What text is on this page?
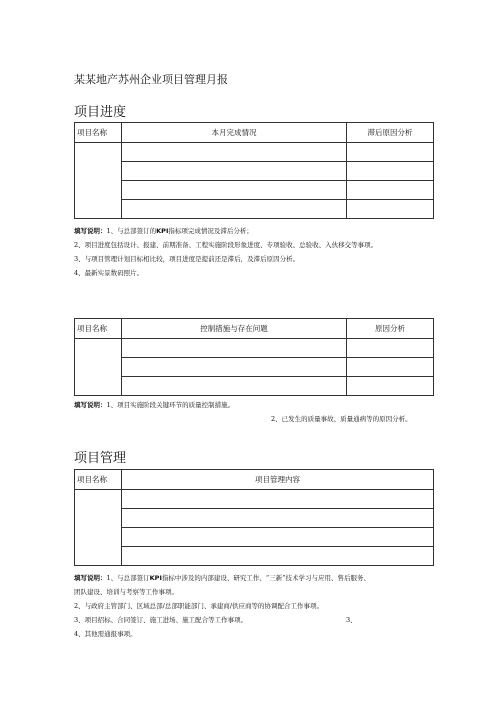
某某地产苏州企业项目管理月报
项目进度
项目名称	本月完成情况	滞后原因分析

填写说明：1、与总部签订的KPI指标项完成情况及滞后分析；
2、项目进度包括设计、报建、前期准备、工程实施阶段形象进度、专项验收、总验收、入伙移交等事项。
3、与项目管理计划目标相比较，项目进度是提前还是滞后，及滞后原因分析。
4、最新实景数码照片。
项目名称	控制措施与存在问题	原因分析

填写说明：1、项目实施阶段关键环节的质量控制措施。
2、已发生的质量事故、质量通病等的原因分析。
项目管理
项目名称	项目管理内容

填写说明：1、与总部签订KPI指标中涉及的内部建设、研究工作、“三新”技术学习与应用、售后服务、
团队建设、培训与考察等工作事项。
2、与政府主管部门、区域总部/总部职能部门、承建商/供应商等的协调配合工作事项。
3、项目招标、合同签订、施工进场、施工配合等工作事项。	3、
4、其他需通报事项。
